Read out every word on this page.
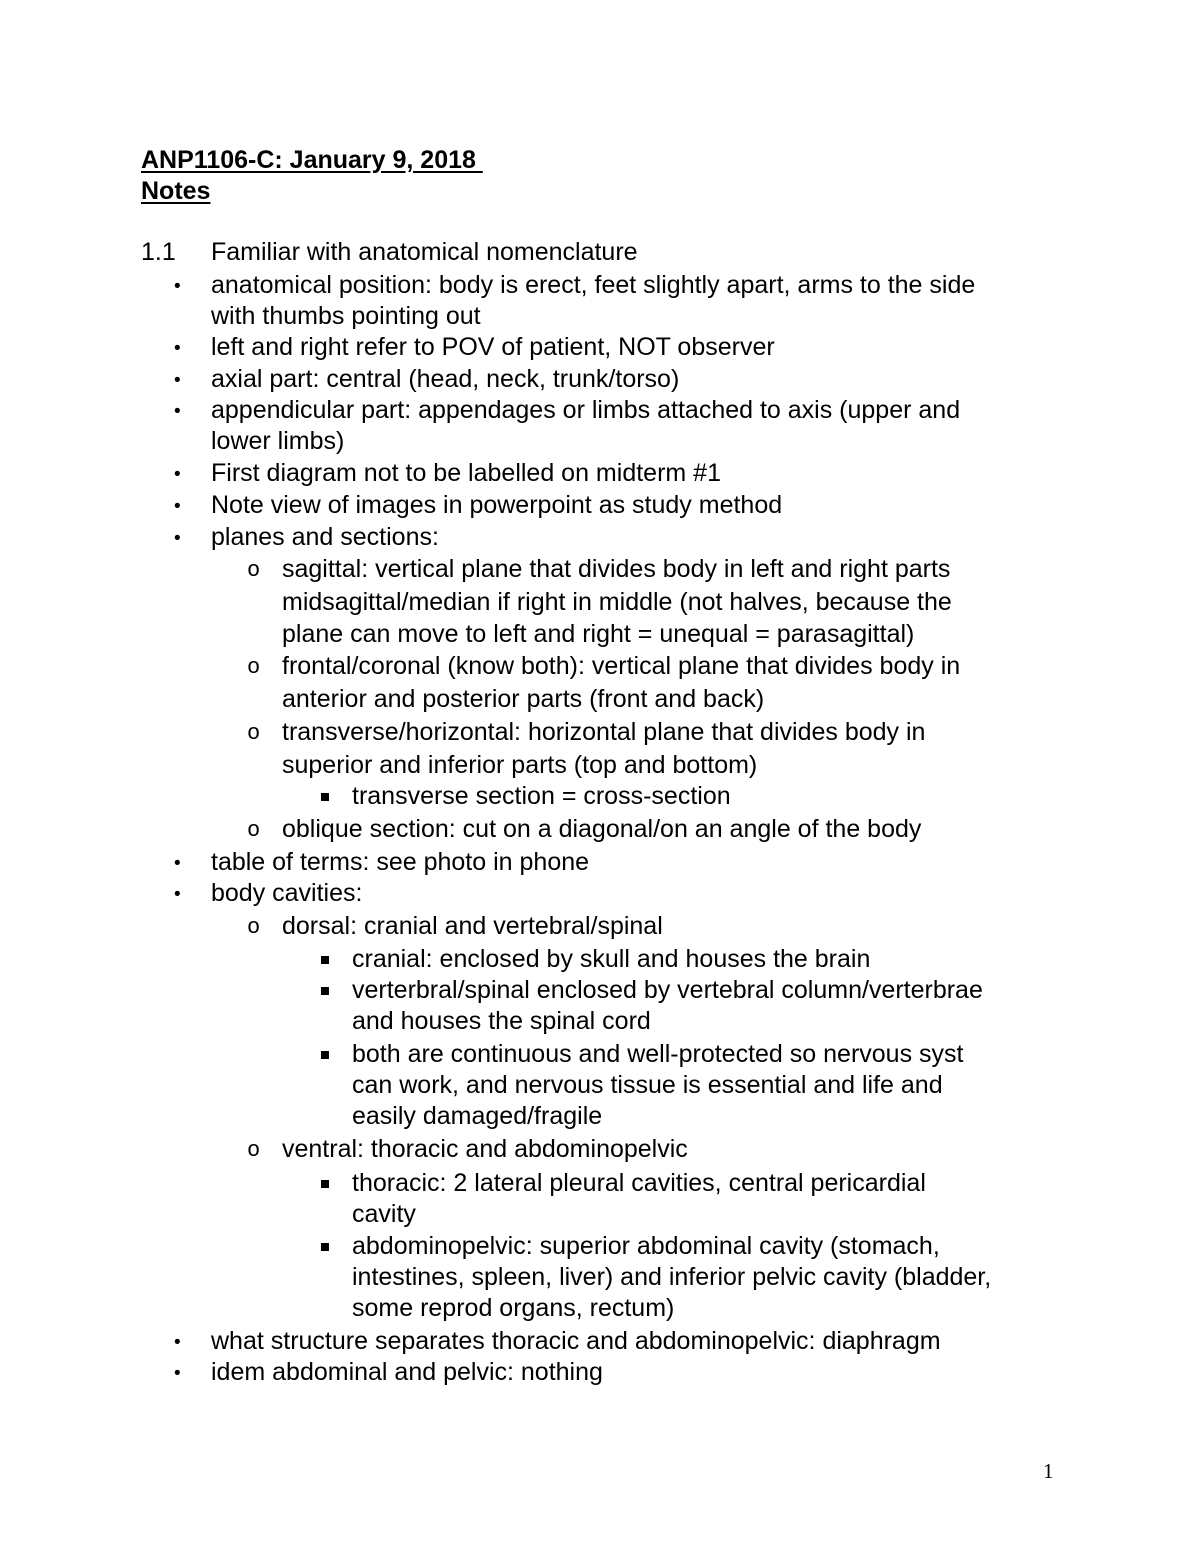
ANP1106-C: January 9, 2018
Notes
1.1 Familiar with anatomical nomenclature
• anatomical position: body is erect, feet slightly apart, arms to the side
with thumbs pointing out
• left and right refer to POV of patient, NOT observer
• axial part: central (head, neck, trunk/torso)
• appendicular part: appendages or limbs attached to axis (upper and
lower limbs)
• First diagram not to be labelled on midterm #1
• Note view of images in powerpoint as study method
• planes and sections:
o sagittal: vertical plane that divides body in left and right parts
midsagittal/median if right in middle (not halves, because the
plane can move to left and right = unequal = parasagittal)
o frontal/coronal (know both): vertical plane that divides body in
anterior and posterior parts (front and back)
o transverse/horizontal: horizontal plane that divides body in
superior and inferior parts (top and bottom)
transverse section = cross-section
o oblique section: cut on a diagonal/on an angle of the body
• table of terms: see photo in phone
• body cavities:
o dorsal: cranial and vertebral/spinal
cranial: enclosed by skull and houses the brain
verterbral/spinal enclosed by vertebral column/verterbrae
and houses the spinal cord
both are continuous and well-protected so nervous syst
can work, and nervous tissue is essential and life and
easily damaged/fragile
o ventral: thoracic and abdominopelvic
thoracic: 2 lateral pleural cavities, central pericardial
cavity
abdominopelvic: superior abdominal cavity (stomach,
intestines, spleen, liver) and inferior pelvic cavity (bladder,
some reprod organs, rectum)
• what structure separates thoracic and abdominopelvic: diaphragm
• idem abdominal and pelvic: nothing
1
